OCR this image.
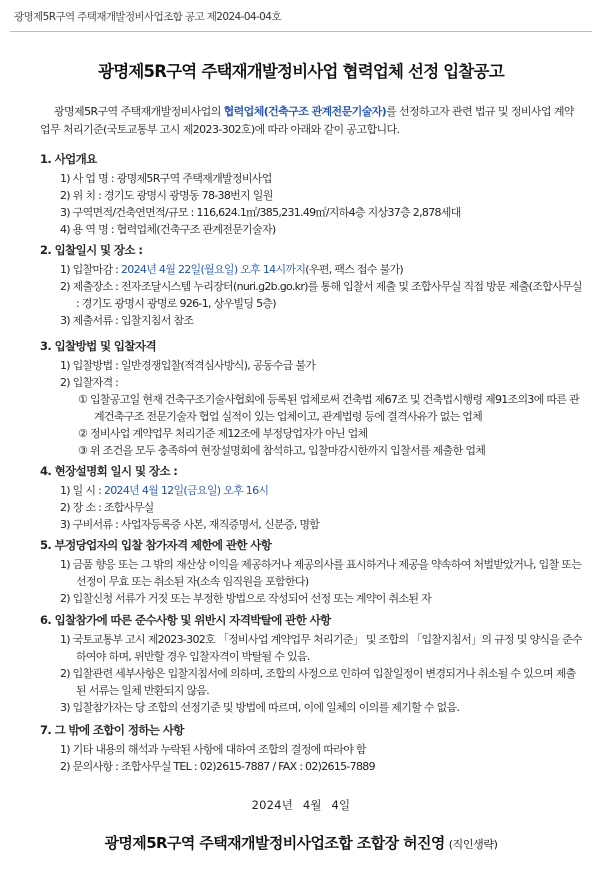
광명제5R구역 주택재개발정비사업조합 공고 제2024-04-04호
광명제5R구역 주택재개발정비사업 협력업체 선정 입찰공고
광명제5R구역 주택재개발정비사업의 협력업체(건축구조 관계전문기술자)를 선정하고자 관련 법규 및 정비사업 계약업무 처리기준(국토교통부 고시 제2023-302호)에 따라 아래와 같이 공고합니다.
1. 사업개요
1) 사 업 명 : 광명제5R구역 주택재개발정비사업
2) 위 치 : 경기도 광명시 광명동 78-38번지 일원
3) 구역면적/건축연면적/규모 : 116,624.1㎡/385,231.49㎡/지하4층 지상37층 2,878세대
4) 용 역 명 : 협력업체(건축구조 관계전문기술자)
2. 입찰일시 및 장소 :
1) 입찰마감 : 2024년 4월 22일(월요일) 오후 14시까지(우편, 팩스 접수 불가)
2) 제출장소 : 전자조달시스템 누리장터(nuri.g2b.go.kr)를 통해 입찰서 제출 및 조합사무실 직접 방문 제출(조합사무실 : 경기도 광명시 광명로 926-1, 상우빌딩 5층)
3) 제출서류 : 입찰지침서 참조
3. 입찰방법 및 입찰자격
1) 입찰방법 : 일반경쟁입찰(적격심사방식), 공동수급 불가
2) 입찰자격 :
① 입찰공고일 현재 건축구조기술사협회에 등록된 업체로써 건축법 제67조 및 건축법시행령 제91조의3에 따른 관계건축구조 전문기술자 협업 실적이 있는 업체이고, 관계법령 등에 결격사유가 없는 업체
② 정비사업 계약업무 처리기준 제12조에 부정당업자가 아닌 업체
③ 위 조건을 모두 충족하여 현장설명회에 참석하고, 입찰마감시한까지 입찰서를 제출한 업체
4. 현장설명회 일시 및 장소 :
1) 일 시 : 2024년 4월 12일(금요일) 오후 16시
2) 장 소 : 조합사무실
3) 구비서류 : 사업자등록증 사본, 재직증명서, 신분증, 명함
5. 부정당업자의 입찰 참가자격 제한에 관한 사항
1) 금품 향응 또는 그 밖의 재산상 이익을 제공하거나 제공의사를 표시하거나 제공을 약속하여 처벌받았거나, 입찰 또는 선정이 무효 또는 취소된 자(소속 임직원을 포함한다)
2) 입찰신청 서류가 거짓 또는 부정한 방법으로 작성되어 선정 또는 계약이 취소된 자
6. 입찰참가에 따른 준수사항 및 위반시 자격박탈에 관한 사항
1) 국토교통부 고시 제2023-302호 「정비사업 계약업무 처리기준」 및 조합의 「입찰지침서」의 규정 및 양식을 준수하여야 하며, 위반할 경우 입찰자격이 박탈될 수 있음.
2) 입찰관련 세부사항은 입찰지침서에 의하며, 조합의 사정으로 인하여 입찰일정이 변경되거나 취소될 수 있으며 제출된 서류는 일체 반환되지 않음.
3) 입찰참가자는 당 조합의 선정기준 및 방법에 따르며, 이에 일체의 이의를 제기할 수 없음.
7. 그 밖에 조합이 정하는 사항
1) 기타 내용의 해석과 누락된 사항에 대하여 조합의 결정에 따라야 함
2) 문의사항 : 조합사무실 TEL : 02)2615-7887 / FAX : 02)2615-7889
2024년 4월 4일
광명제5R구역 주택재개발정비사업조합 조합장 허진영 (직인생략)
